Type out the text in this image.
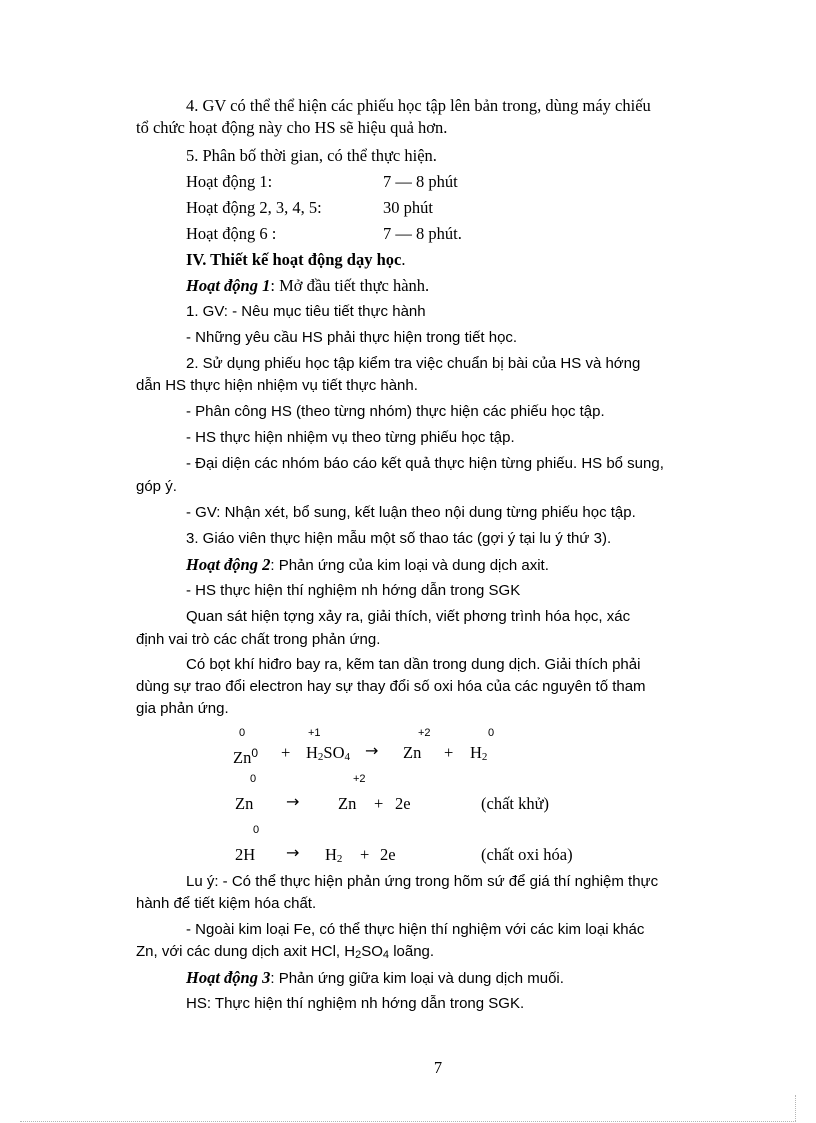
4. GV có thể thể hiện các phiếu học tập lên bản trong, dùng máy chiếu
tổ chức hoạt động này cho HS sẽ hiệu quả hơn.
5. Phân bố thời gian, có thể thực hiện.
Hoạt động 1:	7 — 8 phút
Hoạt động 2, 3, 4, 5:	30 phút
Hoạt động 6 :	7 — 8 phút.
IV. Thiết kế hoạt động dạy học.
Hoạt động 1: Mở đầu tiết thực hành.
1. GV: - Nêu mục tiêu tiết thực hành
- Những yêu cầu HS phải thực hiện trong tiết học.
2. Sử dụng phiếu học tập kiểm tra việc chuẩn bị bài của HS và hớng
dẫn HS thực hiện nhiệm vụ tiết thực hành.
- Phân công HS (theo từng nhóm) thực hiện các phiếu học tập.
- HS thực hiện nhiệm vụ theo từng phiếu học tập.
- Đại diện các nhóm báo cáo kết quả thực hiện từng phiếu. HS bổ sung,
góp ý.
- GV: Nhận xét, bổ sung, kết luận theo nội dung từng phiếu học tập.
3. Giáo viên thực hiện mẫu một số thao tác (gợi ý tại lu ý thứ 3).
Hoạt động 2: Phản ứng của kim loại và dung dịch axit.
- HS thực hiện thí nghiệm nh hớng dẫn trong SGK
Quan sát hiện tợng xảy ra, giải thích, viết phơng trình hóa học, xác
định vai trò các chất trong phản ứng.
Có bọt khí hiđro bay ra, kẽm tan dần trong dung dịch. Giải thích phải
dùng sự trao đổi electron hay sự thay đổi số oxi hóa của các nguyên tố tham
gia phản ứng.
0	+1	+2	0
$Zn^0 + H_2SO_4 \to Zn + H_2$
0	+2
Zn → Zn + 2e	(chất khử)
0
$2H \to H_2 + 2e$	(chất oxi hóa)
Lu ý: - Có thể thực hiện phản ứng trong hõm sứ để giá thí nghiệm thực
hành để tiết kiệm hóa chất.
- Ngoài kim loại Fe, có thể thực hiện thí nghiệm với các kim loại khác
Zn, với các dung dịch axit HCl, $H_2SO_4$ loãng.
Hoạt động 3: Phản ứng giữa kim loại và dung dịch muối.
HS: Thực hiện thí nghiệm nh hớng dẫn trong SGK.
7
